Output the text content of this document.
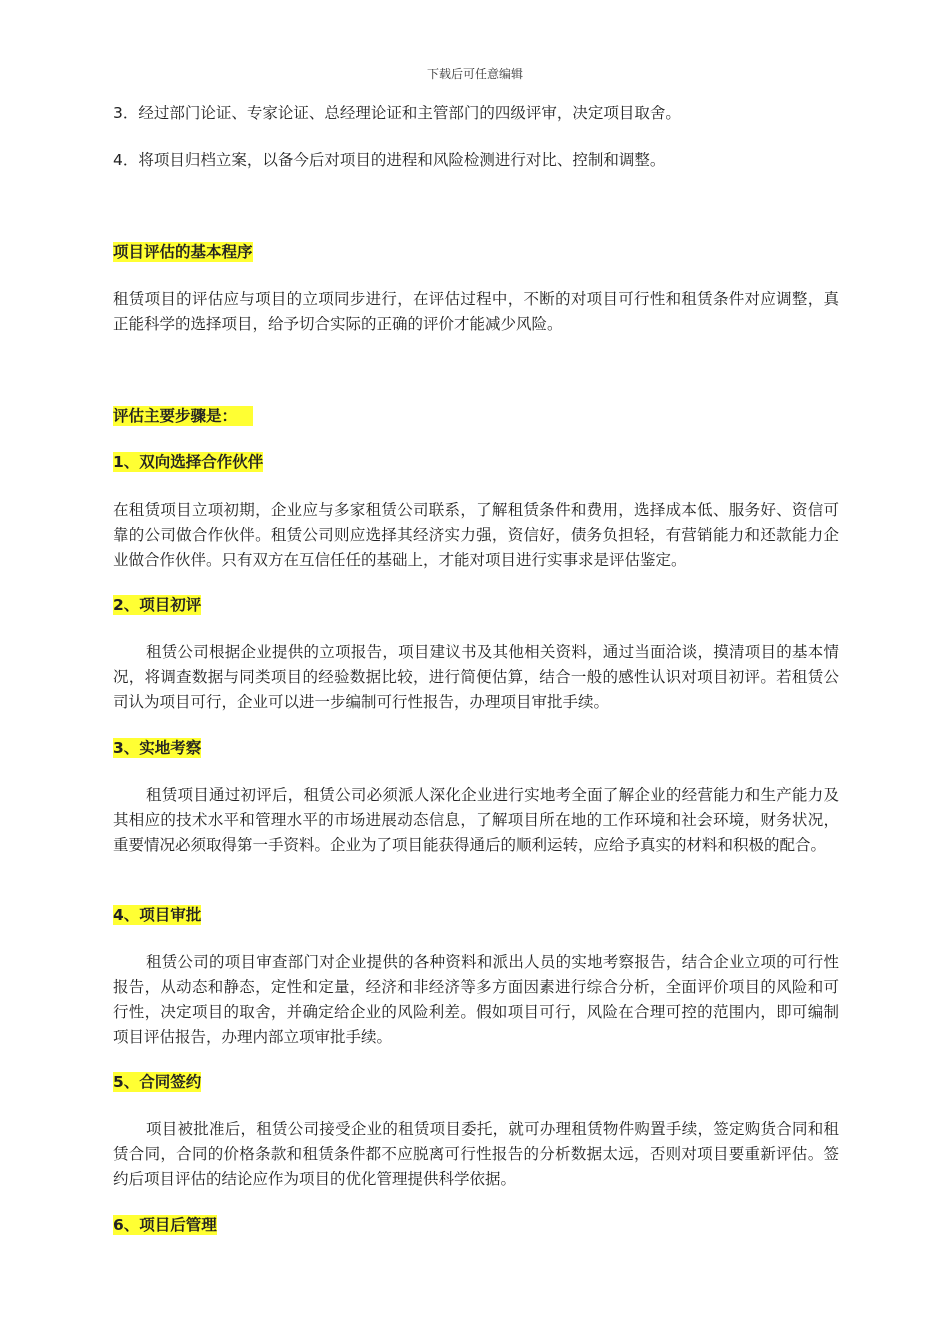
下载后可任意编辑

3．经过部门论证、专家论证、总经理论证和主管部门的四级评审，决定项目取舍。

4．将项目归档立案，以备今后对项目的进程和风险检测进行对比、控制和调整。

项目评估的基本程序

租赁项目的评估应与项目的立项同步进行，在评估过程中，不断的对项目可行性和租赁条件对应调整，真正能科学的选择项目，给予切合实际的正确的评价才能减少风险。

评估主要步骤是：
1、双向选择合作伙伴

在租赁项目立项初期，企业应与多家租赁公司联系，了解租赁条件和费用，选择成本低、服务好、资信可靠的公司做合作伙伴。租赁公司则应选择其经济实力强，资信好，债务负担轻，有营销能力和还款能力企业做合作伙伴。只有双方在互信任任的基础上，才能对项目进行实事求是评估鉴定。

2、项目初评

租赁公司根据企业提供的立项报告，项目建议书及其他相关资料，通过当面洽谈，摸清项目的基本情况，将调查数据与同类项目的经验数据比较，进行简便估算，结合一般的感性认识对项目初评。若租赁公司认为项目可行，企业可以进一步编制可行性报告，办理项目审批手续。

3、实地考察

租赁项目通过初评后，租赁公司必须派人深化企业进行实地考全面了解企业的经营能力和生产能力及其相应的技术水平和管理水平的市场进展动态信息，了解项目所在地的工作环境和社会环境，财务状况，重要情况必须取得第一手资料。企业为了项目能获得通后的顺利运转，应给予真实的材料和积极的配合。

4、项目审批

租赁公司的项目审查部门对企业提供的各种资料和派出人员的实地考察报告，结合企业立项的可行性报告，从动态和静态，定性和定量，经济和非经济等多方面因素进行综合分析，全面评价项目的风险和可行性，决定项目的取舍，并确定给企业的风险利差。假如项目可行，风险在合理可控的范围内，即可编制项目评估报告，办理内部立项审批手续。

5、合同签约

项目被批准后，租赁公司接受企业的租赁项目委托，就可办理租赁物件购置手续，签定购货合同和租赁合同，合同的价格条款和租赁条件都不应脱离可行性报告的分析数据太远，否则对项目要重新评估。签约后项目评估的结论应作为项目的优化管理提供科学依据。

6、项目后管理
